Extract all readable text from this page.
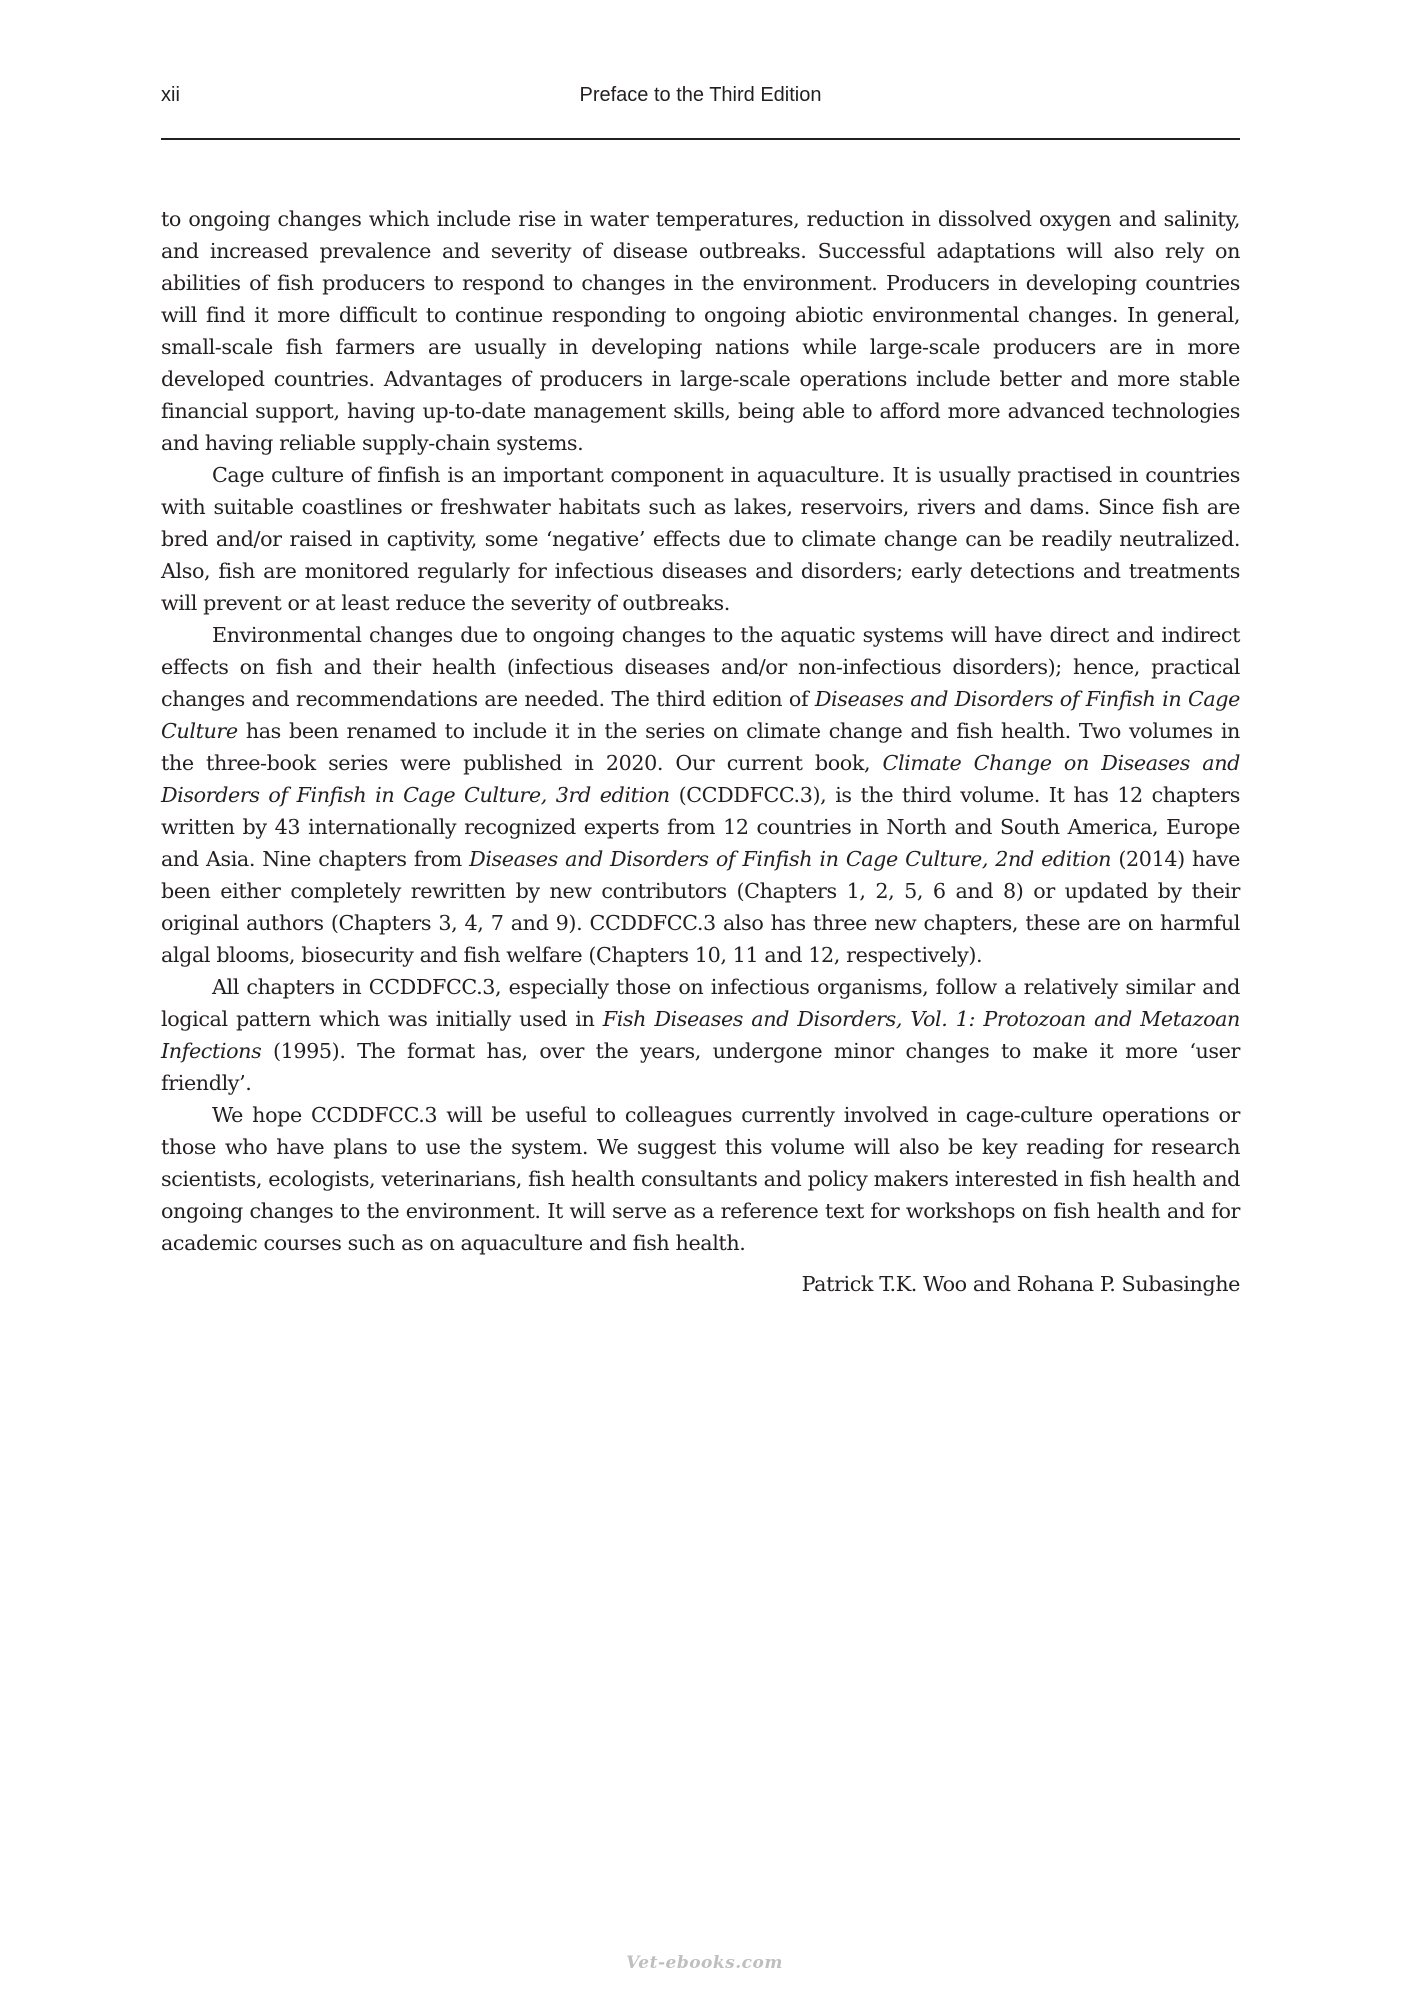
xii	Preface to the Third Edition

to ongoing changes which include rise in water temperatures, reduction in dissolved oxygen and salinity, and increased prevalence and severity of disease outbreaks. Successful adaptations will also rely on abilities of fish producers to respond to changes in the environment. Producers in developing countries will find it more difficult to continue responding to ongoing abiotic environmental changes. In general, small-scale fish farmers are usually in developing nations while large-scale producers are in more developed countries. Advantages of producers in large-scale operations include better and more stable financial support, having up-to-date management skills, being able to afford more advanced technologies and having reliable supply-chain systems.

Cage culture of finfish is an important component in aquaculture. It is usually practised in countries with suitable coastlines or freshwater habitats such as lakes, reservoirs, rivers and dams. Since fish are bred and/or raised in captivity, some ‘negative’ effects due to climate change can be readily neutralized. Also, fish are monitored regularly for infectious diseases and disorders; early detections and treatments will prevent or at least reduce the severity of outbreaks.

Environmental changes due to ongoing changes to the aquatic systems will have direct and indirect effects on fish and their health (infectious diseases and/or non-infectious disorders); hence, practical changes and recommendations are needed. The third edition of Diseases and Disorders of Finfish in Cage Culture has been renamed to include it in the series on climate change and fish health. Two volumes in the three-book series were published in 2020. Our current book, Climate Change on Diseases and Disorders of Finfish in Cage Culture, 3rd edition (CCDDFCC.3), is the third volume. It has 12 chapters written by 43 internationally recognized experts from 12 countries in North and South America, Europe and Asia. Nine chapters from Diseases and Disorders of Finfish in Cage Culture, 2nd edition (2014) have been either completely rewritten by new contributors (Chapters 1, 2, 5, 6 and 8) or updated by their original authors (Chapters 3, 4, 7 and 9). CCDDFCC.3 also has three new chapters, these are on harmful algal blooms, biosecurity and fish welfare (Chapters 10, 11 and 12, respectively).

All chapters in CCDDFCC.3, especially those on infectious organisms, follow a relatively similar and logical pattern which was initially used in Fish Diseases and Disorders, Vol. 1: Protozoan and Metazoan Infections (1995). The format has, over the years, undergone minor changes to make it more ‘user friendly’.

We hope CCDDFCC.3 will be useful to colleagues currently involved in cage-culture operations or those who have plans to use the system. We suggest this volume will also be key reading for research scientists, ecologists, veterinarians, fish health consultants and policy makers interested in fish health and ongoing changes to the environment. It will serve as a reference text for workshops on fish health and for academic courses such as on aquaculture and fish health.

Patrick T.K. Woo and Rohana P. Subasinghe

Vet-ebooks.com
